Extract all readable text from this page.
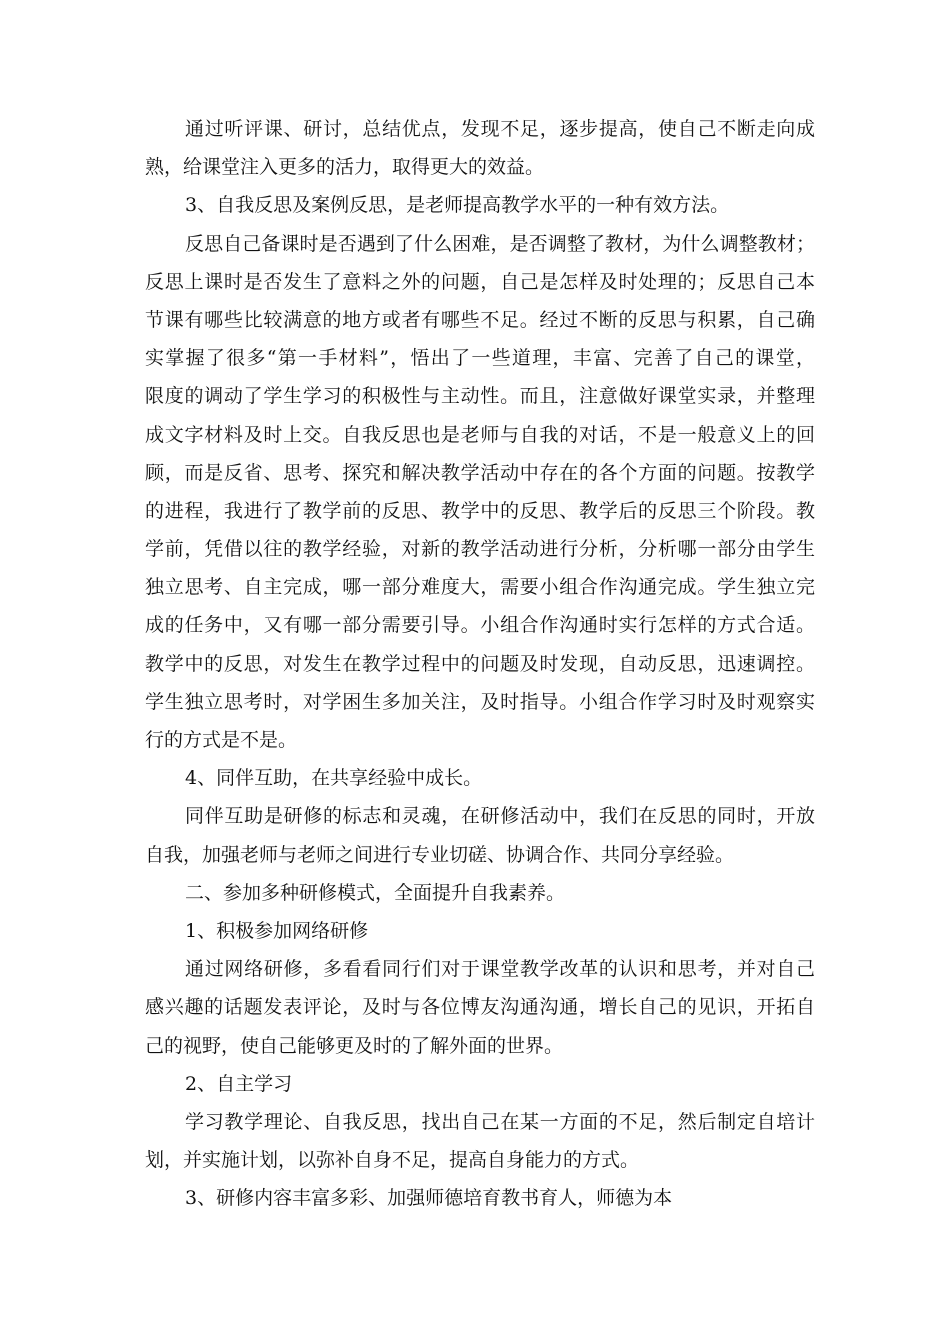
通过听评课、研讨，总结优点，发现不足，逐步提高，使自己不断走向成
熟，给课堂注入更多的活力，取得更大的效益。
3、自我反思及案例反思，是老师提高教学水平的一种有效方法。
反思自己备课时是否遇到了什么困难，是否调整了教材，为什么调整教材；
反思上课时是否发生了意料之外的问题，自己是怎样及时处理的；反思自己本
节课有哪些比较满意的地方或者有哪些不足。经过不断的反思与积累，自己确
实掌握了很多“第一手材料”，悟出了一些道理，丰富、完善了自己的课堂，
限度的调动了学生学习的积极性与主动性。而且，注意做好课堂实录，并整理
成文字材料及时上交。自我反思也是老师与自我的对话，不是一般意义上的回
顾，而是反省、思考、探究和解决教学活动中存在的各个方面的问题。按教学
的进程，我进行了教学前的反思、教学中的反思、教学后的反思三个阶段。教
学前，凭借以往的教学经验，对新的教学活动进行分析，分析哪一部分由学生
独立思考、自主完成，哪一部分难度大，需要小组合作沟通完成。学生独立完
成的任务中，又有哪一部分需要引导。小组合作沟通时实行怎样的方式合适。
教学中的反思，对发生在教学过程中的问题及时发现，自动反思，迅速调控。
学生独立思考时，对学困生多加关注，及时指导。小组合作学习时及时观察实
行的方式是不是。
4、同伴互助，在共享经验中成长。
同伴互助是研修的标志和灵魂，在研修活动中，我们在反思的同时，开放
自我，加强老师与老师之间进行专业切磋、协调合作、共同分享经验。
二、参加多种研修模式，全面提升自我素养。
1、积极参加网络研修
通过网络研修，多看看同行们对于课堂教学改革的认识和思考，并对自己
感兴趣的话题发表评论，及时与各位博友沟通沟通，增长自己的见识，开拓自
己的视野，使自己能够更及时的了解外面的世界。
2、自主学习
学习教学理论、自我反思，找出自己在某一方面的不足，然后制定自培计
划，并实施计划，以弥补自身不足，提高自身能力的方式。
3、研修内容丰富多彩、加强师德培育教书育人，师德为本
